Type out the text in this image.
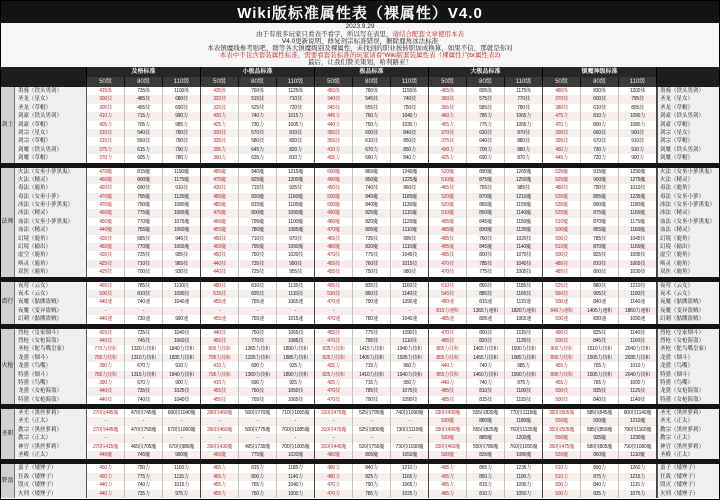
Wiki版标准属性表（裸属性）V4.0
2023.9.29
由于有很多玩家只看表不看字，所以写在表里，请结合配套文章使用本表
V4.0更新说明，修复剑宗标准错误，删除鹿角冰法标准
本表镇魔线参考贴吧、群等各大镇魔级别及裸属性，未找到的职业按转职加成换算，如果不信，那就是你对
本表中不包含套装属性标准，需要看套装标准的玩家请看“Wiki版套装属性表（裸属性）”(br属性表2)
最后，让我们赞美策划，哈利路亚！
及格标准	小极品标准	极品标准	大极品标准	镇魔神级标准
50级	80级	110级	50级	80级	110级	50级	80级	110级	50级	80级	110级	50级	80级	110级
剑士
墨骑（铁头男剑）	415体	735体	1100体	435体	760体	1125体	450体	780体	1150体	465体	805体	1175体	480体	830体	1200体	墨骑（铁头男剑）
圣龙（星女）	300技	485技	680技	320技	515技	710技	340技	545技	740技	360技	575技	770技	370技	600技	795技	圣龙（星女）
圣龙（草帽）	305技	495技	690技	325技	525技	720技	345技	555技	750技	365技	585技	780技	380技	610技	805技	圣龙（草帽）
剑豪（铁头男剑）	410力	715力	990力	430力	740力	1015力	445力	760力	1040力	460力	785力	1065力	475力	810力	1090力	剑豪（铁头男剑）
剑豪（草帽）	405力	705力	985力	425力	730力	1005力	440力	750力	1030力	455力	775力	1055力	470力	800力	1080力	剑豪（草帽）
剑宗（星女）	310技	540技	780技	330技	570技	810技	350技	600技	840技	370技	630技	870技	390技	660技	900技	剑宗（星女）
剑宗（草帽）	315技	550技	790技	335技	580技	820技	355技	610技	850技	375技	640技	880技	395技	670技	910技	剑宗（草帽）
剑魔（铁头男剑）	375力	615力	790力	395力	645力	820力	410力	670力	850力	430力	700力	880力	450力	730力	910力	剑魔（铁头男剑）
剑魔（草帽）	370力	605力	780力	390力	635力	810力	405力	660力	840力	425力	690力	870力	445力	720力	900力	剑魔（草帽）
法师
火法（女巫小萝黑鬼）	470魔	815魔	1190魔	485魔	840魔	1215魔	500魔	865魔	1240魔	520魔	890魔	1265魔	535魔	915魔	1290魔	火法（女巫小萝黑鬼）
火法（精灵）	460魔	800魔	1175魔	475魔	825魔	1200魔	490魔	850魔	1225魔	510魔	875魔	1250魔	525魔	900魔	1275魔	火法（精灵）
毒法（鹿角）	420技	690技	910技	430技	715技	935技	450技	740技	960技	465技	765技	985技	480技	790技	1010技	毒法（鹿角）
毒法（女巫小萝）	470魔	795魔	1135魔	485魔	820魔	1160魔	500魔	845魔	1185魔	520魔	870魔	1210魔	535魔	895魔	1235魔	毒法（女巫小萝）
冰法（女巫小萝黑鬼）	470魔	790魔	1080魔	485魔	815魔	1105魔	500魔	840魔	1130魔	520魔	865魔	1155魔	535魔	890魔	1180魔	冰法（女巫小萝黑鬼）
冰法（精灵）	460魔	775魔	1065魔	475魔	800魔	1090魔	490魔	825魔	1115魔	510魔	850魔	1140魔	525魔	875魔	1165魔	冰法（精灵）
血法（女巫小萝黑鬼）	450魔	770魔	1075魔	465魔	795魔	1100魔	480魔	820魔	1125魔	495魔	845魔	1150魔	510魔	870魔	1175魔	血法（女巫小萝黑鬼）
血法（精灵）	440魔	755魔	1060魔	455魔	780魔	1085魔	470魔	805魔	1110魔	485魔	830魔	1135魔	500魔	855魔	1160魔	血法（精灵）
幻境（鹿角）	435技	685技	945技	450技	710技	970技	465技	735技	995技	485技	760技	1020技	500技	785技	1045技	幻境（鹿角）
幻境（输出）	450魔	770魔	1065魔	465魔	795魔	1090魔	480魔	820魔	1115魔	495魔	845魔	1140魔	510魔	870魔	1165魔	幻境（输出）
虚空（鹿角）	435技	725技	995技	450技	750技	1020技	470技	775技	1045技	485技	800技	1070技	500技	825技	1095技	虚空（鹿角）
唤灵（鹿角）	425技	710技	965技	440技	735技	990技	455技	760技	1015技	470技	785技	1040技	485技	810技	1065技	唤灵（鹿角）
双医（鹿角）	425技	700技	930技	440技	725技	955技	455技	750技	980技	470技	775技	1005技	485技	800技	1030技	双医（鹿角）
潜行
夜莺（云女）	465技	785技	1110技	480技	810技	1135技	495技	835技	1160技	510技	860技	1185技	525技	880技	1210技	夜莺（云女）
夜术（云女）	500技	810技	1090技	515技	835技	1115技	530技	860技	1140技	545技	885技	1165技	560技	905技	1190技	夜术（云女）
夜魔（骷髅盗贼）	440速	740速	1040速	455速	765速	1065速	470速	790速	1090速	490速	815速	1115速	500速	840速	1140速	夜魔（骷髅盗贼）
夜魔（变异盗贼）	-	-	-	-	-	-	-	-	-	815力速和	1365力速和	1820力速和	840力速和	1405力速和	1860力速和	夜魔（变异盗贼）
幻刺（骷髅盗贼）	440速	730速	990速	455速	755速	1015速	470速	780速	1040速	485速	805速	1065速	500速	830速	1090速	幻刺（骷髅盗贼）
火枪
烈枪（皇家烟斗）	425技	725技	1040技	440技	750技	1065技	455技	775技	1090技	470技	800技	1115技	490技	825技	1140技	烈枪（皇家烟斗）
烈枪（女枪海盗）	440技	745技	1060技	455技	770技	1085技	470技	795技	1110技	485技	820技	1135技	500技	845技	1160技	烈枪（女枪海盗）
圣枪（鸵鸟嘴皇家）	770力技和	1320力技和	1840力技和	805力技和	1365力技和	1890力技和	835力技和	1415力技和	1940力技和	865力技和	1465力技和	1990力技和	900力技和	1510力技和	2040力技和	圣枪（鸵鸟嘴皇家）
龙猎（烟斗）	780力技和	1310力技和	1835力技和	795力技和	1335力技和	1885力技和	825力技和	1405力技和	1935力技和	855力技和	1455力技和	1985力技和	890力技和	1505力技和	2035力技和	龙猎（烟斗）
龙猎（鸟嘴）	390力	670力	910力	410力	690力	935力	425力	715力	960力	440力	740力	985力	455力	765力	1010力	龙猎（鸟嘴）
特猎（烟斗）	780力技和	1315力技和	1840力技和	795力技和	1360力技和	1890力技和	825力技和	1410力技和	1940力技和	855力技和	1460力技和	1990力技和	890力技和	1505力技和	2040力技和	特猎（烟斗）
特猎（鸟嘴）	390力	670力	900力	410力	690力	925力	425力	715力	950力	440力	740力	975力	455力	765力	1000力	特猎（鸟嘴）
龙猎（女枪海盗）	440技	735技	1025技	455技	760技	1050技	470技	785技	1075技	485技	810技	1100技	500技	835技	1125技	龙猎（女枪海盗）
特猎（女枪海盗）	440技	740技	1040技	455技	765技	1065技	470技	790技	1090技	485技	815技	1115技	500技	840技	1140技	特猎（女枪海盗）
圣职
圣光（黑丝萝莉）	270技445魔	470技745魔	680技1040魔	290技460魔	500技770魔	710技1065魔	310技475魔	525技795魔	740技1090魔	330技490魔	555技820魔	770技1115魔	350技505魔	585技845魔	800技1140魔	圣光（黑丝萝莉）
圣光（正太）	-	-	-	-	-	-	-	-	-	530魔	880魔	1180魔	550魔	930魔	1210魔	圣光（正太）
教宗（黑丝萝莉）	270技445魔	470技750魔	670技1060魔	290技460魔	500技775魔	700技1085魔	310技475魔	525技800魔	730技1110魔	330技490魔	555技825魔	760技1135魔	350技505魔	585技850魔	790技1160魔	教宗（黑丝萝莉）
教宗（正太）	-	-	-	-	-	-	-	-	-	530魔	885魔	1200魔	550魔	935魔	1230魔	教宗（正太）
神官（黑丝萝莉）	270技415魔	465技705魔	670技980魔	290技430魔	495技730魔	700技1005魔	310技445魔	520技755魔	730技1030魔	330技460魔	550技780魔	760技1055魔	350技475魔	580技805魔	790技1080魔	神官（黑丝萝莉）
圣殿（正太）	445魔	745魔	990魔	465魔	775魔	1020魔	480魔	805魔	1050魔	500魔	835魔	1080魔	520魔	860魔	1110魔	圣殿（正太）
野蛮
蛮子（矮矬子）	450力	790力	1160力	465力	815力	1185力	480力	840力	1210力	495力	865力	1235力	510力	890力	1260力	蛮子（矮矬子）
狂战（矮矬子）	450力	775力	1115力	465力	800力	1140力	480力	825力	1165力	495力	850力	1190力	510力	875力	1215力	狂战（矮矬子）
毁灭（矮矬子）	440力	740力	1015力	455力	765力	1040力	470力	790力	1065力	485力	815力	1090力	500力	840力	1115力	毁灭（矮矬子）
火刑（矮矬子）	440力	735力	975力	455力	760力	1000力	470力	785力	1025力	485力	810力	1050力	500力	835力	1075力	火刑（矮矬子）
